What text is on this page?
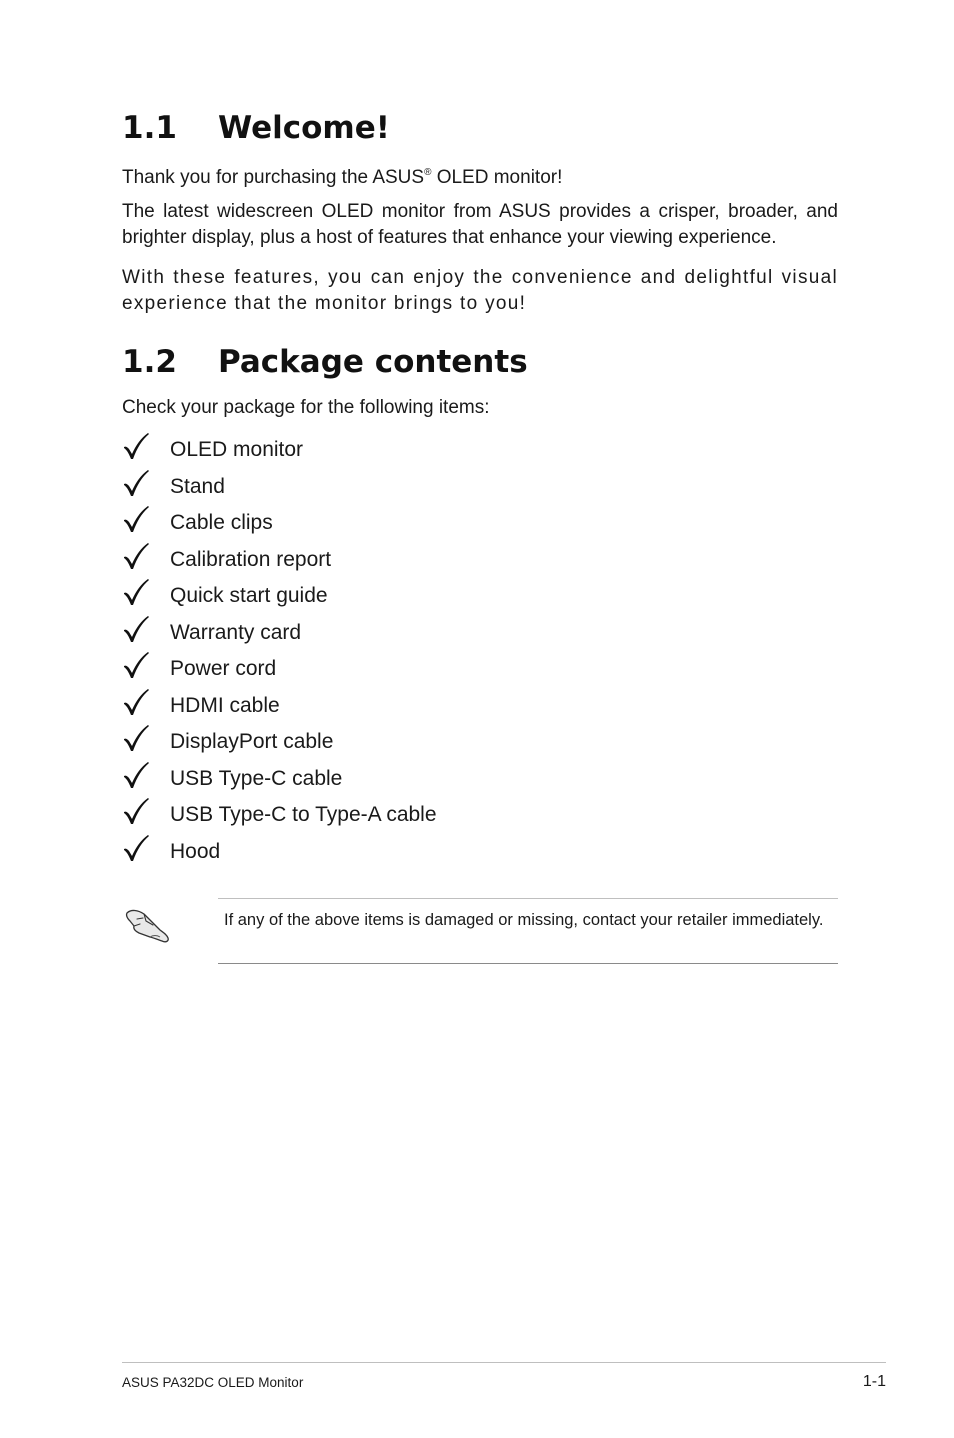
1.1 Welcome!

Thank you for purchasing the ASUS® OLED monitor!

The latest widescreen OLED monitor from ASUS provides a crisper, broader, and brighter display, plus a host of features that enhance your viewing experience.

With these features, you can enjoy the convenience and delightful visual experience that the monitor brings to you!

1.2 Package contents

Check your package for the following items:

OLED monitor
Stand
Cable clips
Calibration report
Quick start guide
Warranty card
Power cord
HDMI cable
DisplayPort cable
USB Type-C cable
USB Type-C to Type-A cable
Hood

If any of the above items is damaged or missing, contact your retailer immediately.

ASUS PA32DC OLED Monitor	1-1
